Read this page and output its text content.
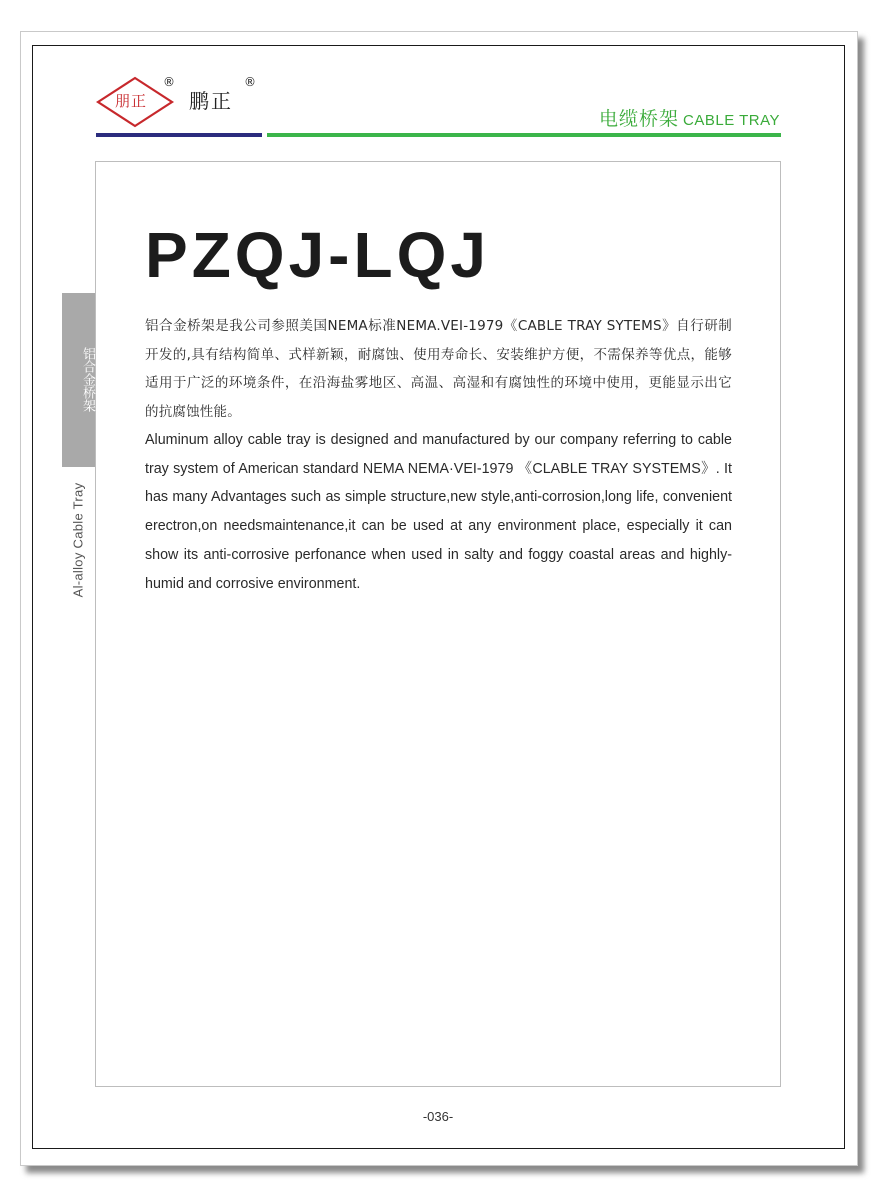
朋正
®
鹏正
®
电缆桥架 CABLE TRAY
铝合金桥架
Al-alloy Cable Tray
PZQJ-LQJ

铝合金桥架是我公司参照美国NEMA标准NEMA.VEI-1979《CABLE TRAY SYTEMS》自行研制开发的,具有结构简单、式样新颖，耐腐蚀、使用寿命长、安装维护方便，不需保养等优点，能够适用于广泛的环境条件，在沿海盐雾地区、高温、高湿和有腐蚀性的环境中使用，更能显示出它的抗腐蚀性能。

Aluminum alloy cable tray is designed and manufactured by our company referring to cable tray system of American standard NEMA NEMA·VEI-1979 《CLABLE TRAY SYSTEMS》. It has many Advantages such as simple structure,new style,anti-corrosion,long life, convenient erectron,on needsmaintenance,it can be used at any environment place, especially it can show its anti-corrosive perfonance when used in salty and foggy coastal areas and highly-humid and corrosive environment.

-036-
